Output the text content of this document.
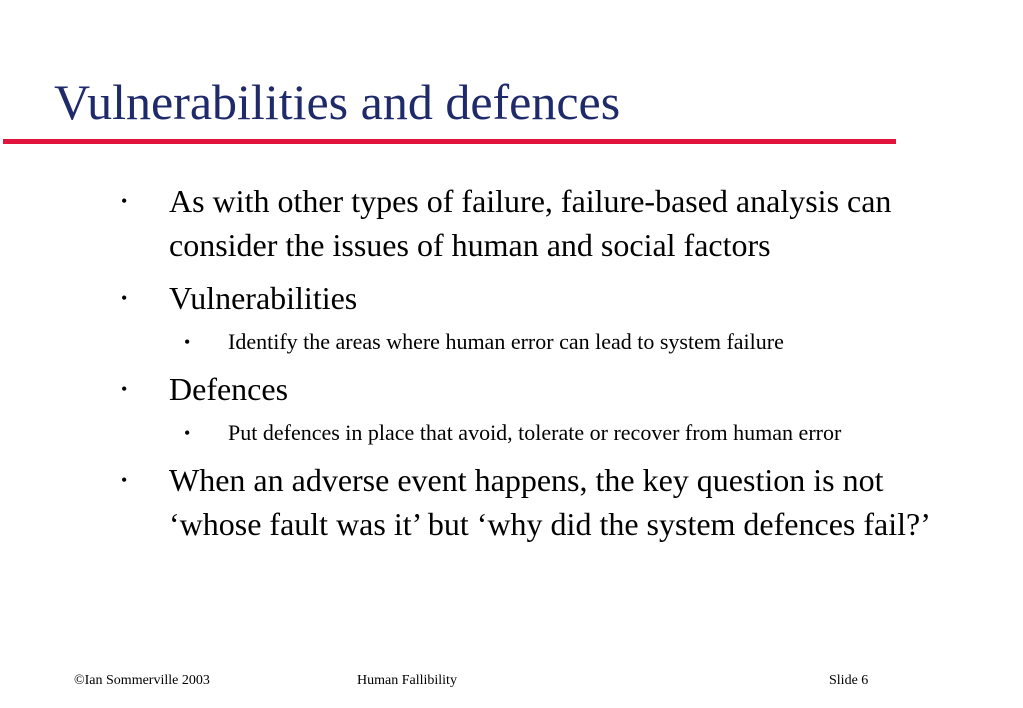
Vulnerabilities and defences
• As with other types of failure, failure-based analysis can consider the issues of human and social factors
• Vulnerabilities
• Identify the areas where human error can lead to system failure
• Defences
• Put defences in place that avoid, tolerate or recover from human error
• When an adverse event happens, the key question is not ‘whose fault was it’ but ‘why did the system defences fail?’
©Ian Sommerville 2003	Human Fallibility	Slide 6
